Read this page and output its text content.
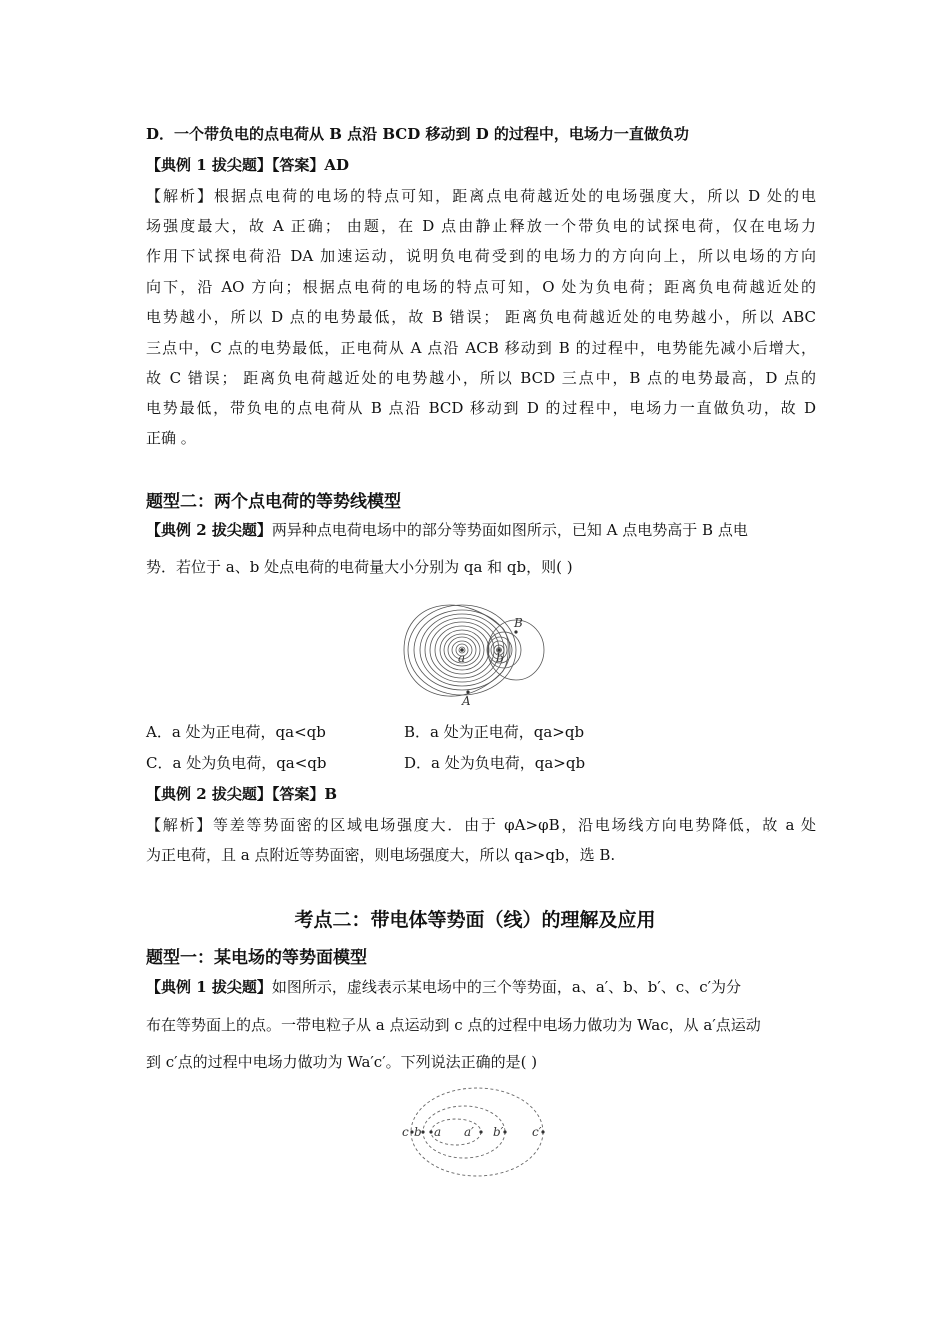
D．一个带负电的点电荷从 B 点沿 BCD 移动到 D 的过程中，电场力一直做负功
【典例 1 拔尖题】【答案】AD
【解析】根据点电荷的电场的特点可知，距离点电荷越近处的电场强度大，所以 D 处的电
场强度最大，故 A 正确； 由题，在 D 点由静止释放一个带负电的试探电荷，仅在电场力
作用下试探电荷沿 DA 加速运动，说明负电荷受到的电场力的方向向上，所以电场的方向
向下，沿 AO 方向；根据点电荷的电场的特点可知，O 处为负电荷；距离负电荷越近处的
电势越小，所以 D 点的电势最低，故 B 错误； 距离负电荷越近处的电势越小，所以 ABC
三点中，C 点的电势最低，正电荷从 A 点沿 ACB 移动到 B 的过程中，电势能先减小后增大，
故 C 错误； 距离负电荷越近处的电势越小，所以 BCD 三点中，B 点的电势最高，D 点的
电势最低，带负电的点电荷从 B 点沿 BCD 移动到 D 的过程中，电场力一直做负功，故 D
正确 。
题型二：两个点电荷的等势线模型
【典例 2 拔尖题】两异种点电荷电场中的部分等势面如图所示，已知 A 点电势高于 B 点电
势．若位于 a、b 处点电荷的电荷量大小分别为 qa 和 qb，则( )
a	b
A
B
A．a 处为正电荷，qa<qb	B．a 处为正电荷，qa>qb
C．a 处为负电荷，qa<qb	D．a 处为负电荷，qa>qb
【典例 2 拔尖题】【答案】B
【解析】等差等势面密的区域电场强度大．由于 φA>φB，沿电场线方向电势降低，故 a 处
为正电荷，且 a 点附近等势面密，则电场强度大，所以 qa>qb，选 B.
考点二：带电体等势面（线）的理解及应用
题型一：某电场的等势面模型
【典例 1 拔尖题】如图所示，虚线表示某电场中的三个等势面，a、a′、b、b′、c、c′为分
布在等势面上的点。一带电粒子从 a 点运动到 c 点的过程中电场力做功为 Wac，从 a′点运动
到 c′点的过程中电场力做功为 Wa′c′。下列说法正确的是( )
c b a a′ b′ c′
